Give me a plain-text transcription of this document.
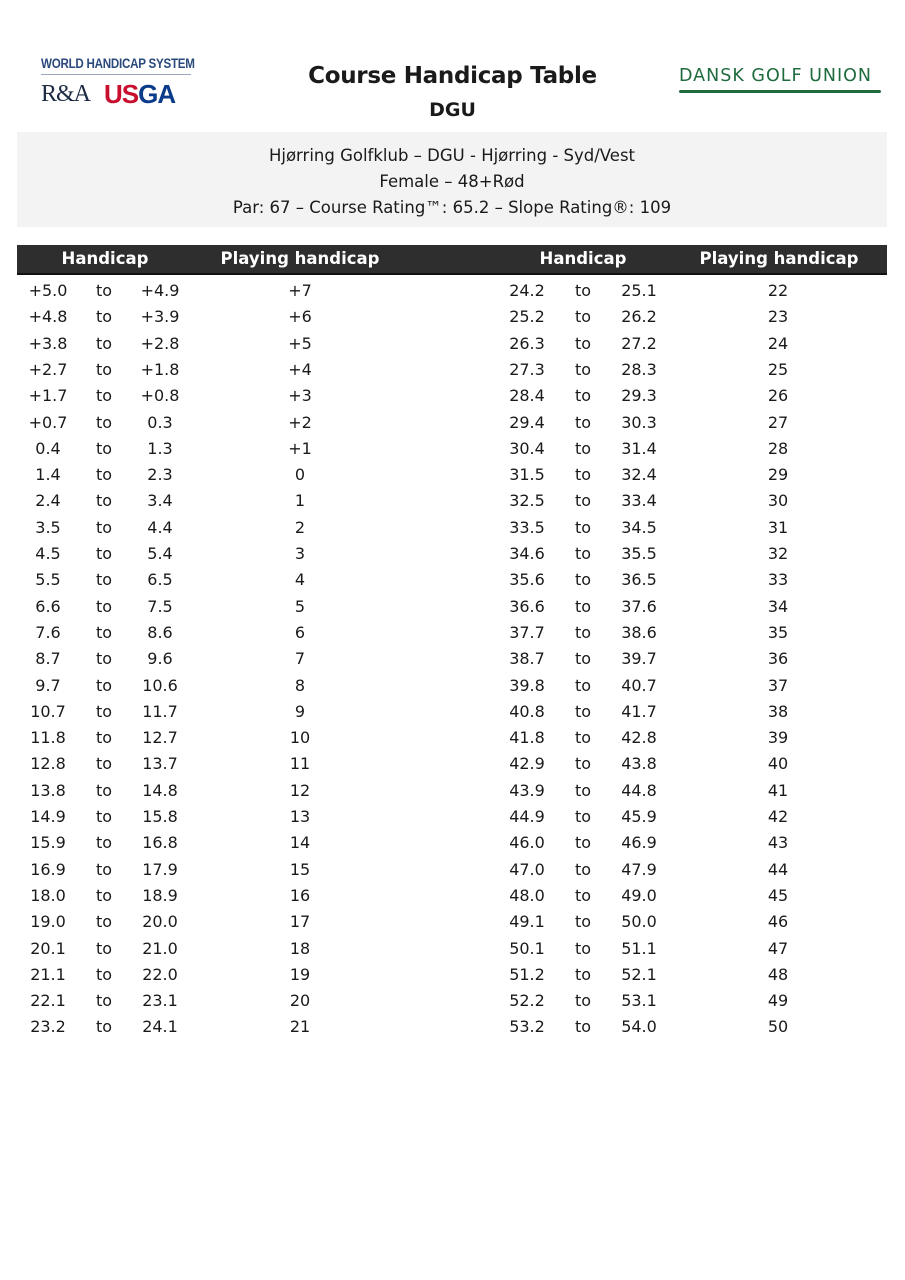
WORLD HANDICAP SYSTEM
R&A USGA
Course Handicap Table
DGU
DANSK GOLF UNION
Hjørring Golfklub – DGU - Hjørring - Syd/Vest
Female – 48+Rød
Par: 67 – Course Rating™: 65.2 – Slope Rating®: 109
Handicap	Playing handicap	Handicap	Playing handicap
+5.0 to +4.9	+7	24.2 to 25.1	22
+4.8 to +3.9	+6	25.2 to 26.2	23
+3.8 to +2.8	+5	26.3 to 27.2	24
+2.7 to +1.8	+4	27.3 to 28.3	25
+1.7 to +0.8	+3	28.4 to 29.3	26
+0.7 to 0.3	+2	29.4 to 30.3	27
0.4 to 1.3	+1	30.4 to 31.4	28
1.4 to 2.3	0	31.5 to 32.4	29
2.4 to 3.4	1	32.5 to 33.4	30
3.5 to 4.4	2	33.5 to 34.5	31
4.5 to 5.4	3	34.6 to 35.5	32
5.5 to 6.5	4	35.6 to 36.5	33
6.6 to 7.5	5	36.6 to 37.6	34
7.6 to 8.6	6	37.7 to 38.6	35
8.7 to 9.6	7	38.7 to 39.7	36
9.7 to 10.6	8	39.8 to 40.7	37
10.7 to 11.7	9	40.8 to 41.7	38
11.8 to 12.7	10	41.8 to 42.8	39
12.8 to 13.7	11	42.9 to 43.8	40
13.8 to 14.8	12	43.9 to 44.8	41
14.9 to 15.8	13	44.9 to 45.9	42
15.9 to 16.8	14	46.0 to 46.9	43
16.9 to 17.9	15	47.0 to 47.9	44
18.0 to 18.9	16	48.0 to 49.0	45
19.0 to 20.0	17	49.1 to 50.0	46
20.1 to 21.0	18	50.1 to 51.1	47
21.1 to 22.0	19	51.2 to 52.1	48
22.1 to 23.1	20	52.2 to 53.1	49
23.2 to 24.1	21	53.2 to 54.0	50
